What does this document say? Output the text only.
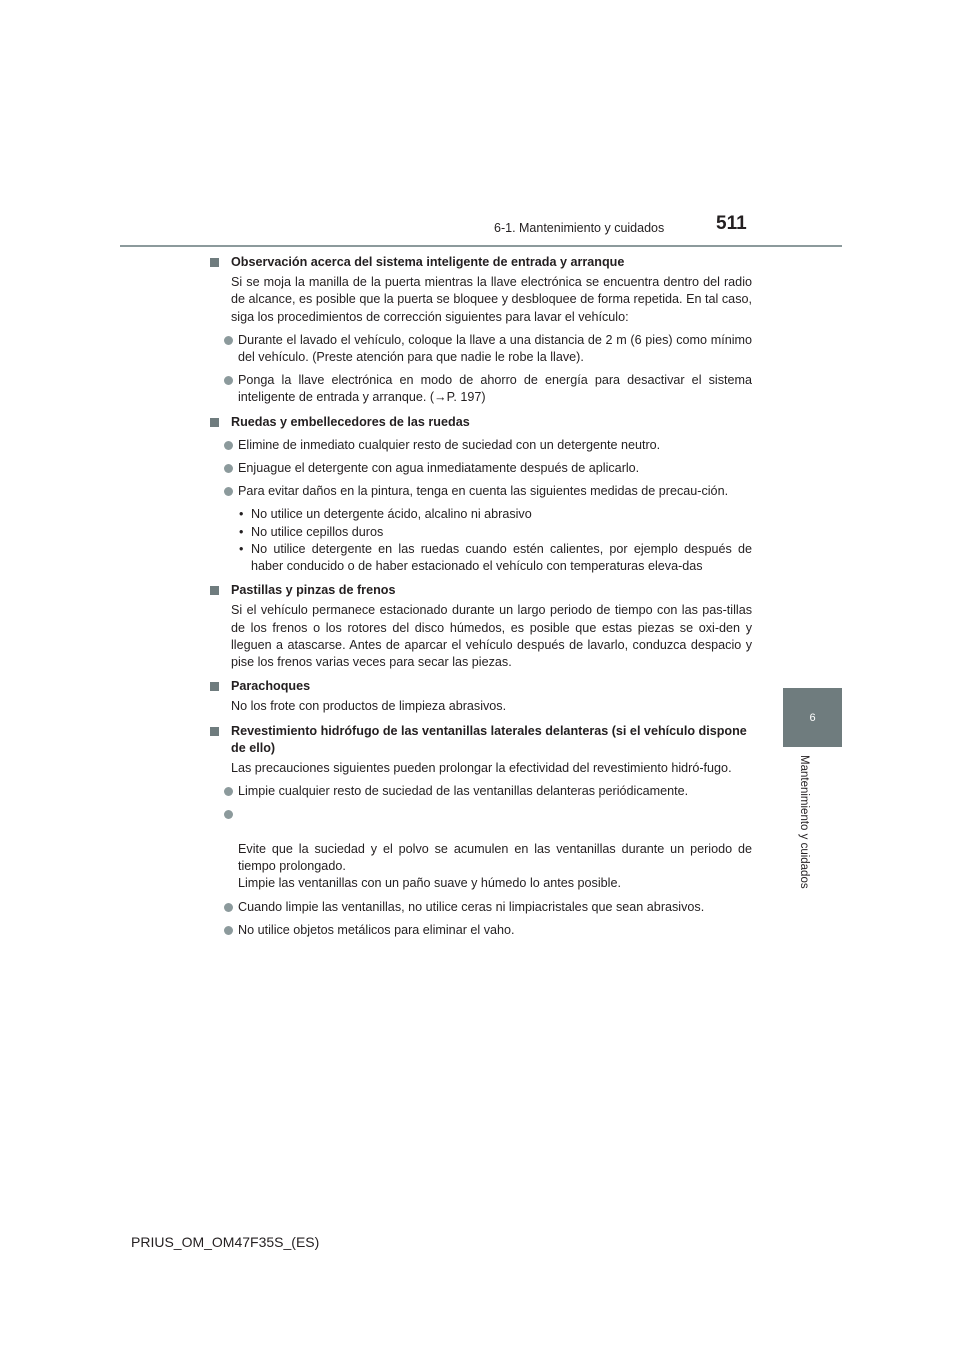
6-1. Mantenimiento y cuidados	511
6
Mantenimiento y cuidados
Observación acerca del sistema inteligente de entrada y arranque
Si se moja la manilla de la puerta mientras la llave electrónica se encuentra dentro del radio de alcance, es posible que la puerta se bloquee y desbloquee de forma repetida. En tal caso, siga los procedimientos de corrección siguientes para lavar el vehículo:
Durante el lavado el vehículo, coloque la llave a una distancia de 2 m (6 pies) como mínimo del vehículo. (Preste atención para que nadie le robe la llave).
Ponga la llave electrónica en modo de ahorro de energía para desactivar el sistema inteligente de entrada y arranque. (→P. 197)
Ruedas y embellecedores de las ruedas
Elimine de inmediato cualquier resto de suciedad con un detergente neutro.
Enjuague el detergente con agua inmediatamente después de aplicarlo.
Para evitar daños en la pintura, tenga en cuenta las siguientes medidas de precau-ción.
• No utilice un detergente ácido, alcalino ni abrasivo
• No utilice cepillos duros
• No utilice detergente en las ruedas cuando estén calientes, por ejemplo después de haber conducido o de haber estacionado el vehículo con temperaturas eleva-das
Pastillas y pinzas de frenos
Si el vehículo permanece estacionado durante un largo periodo de tiempo con las pas-tillas de los frenos o los rotores del disco húmedos, es posible que estas piezas se oxi-den y lleguen a atascarse. Antes de aparcar el vehículo después de lavarlo, conduzca despacio y pise los frenos varias veces para secar las piezas.
Parachoques
No los frote con productos de limpieza abrasivos.
Revestimiento hidrófugo de las ventanillas laterales delanteras (si el vehículo dispone de ello)
Las precauciones siguientes pueden prolongar la efectividad del revestimiento hidró-fugo.
Limpie cualquier resto de suciedad de las ventanillas delanteras periódicamente.

Evite que la suciedad y el polvo se acumulen en las ventanillas durante un periodo de tiempo prolongado.
Limpie las ventanillas con un paño suave y húmedo lo antes posible.

Cuando limpie las ventanillas, no utilice ceras ni limpiacristales que sean abrasivos.
No utilice objetos metálicos para eliminar el vaho.
PRIUS_OM_OM47F35S_(ES)
